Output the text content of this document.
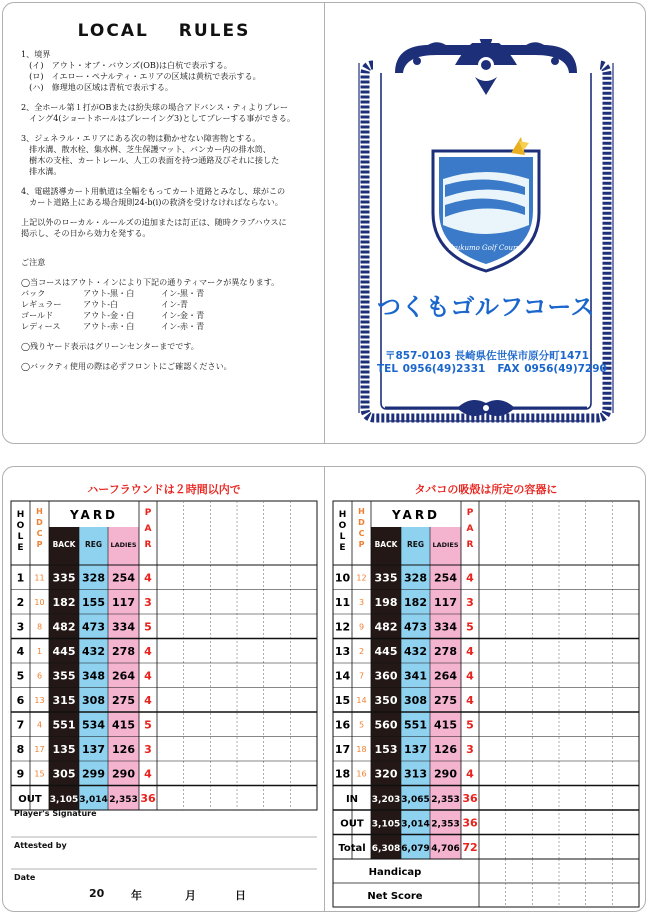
LOCAL RULES
1、境界
　(イ)　アウト・オブ・バウンズ(OB)は白杭で表示する。
　(ロ)　イエロー・ペナルティ・エリアの区域は黄杭で表示する。
　(ハ)　修理地の区域は青杭で表示する。
2、全ホール第１打がOBまたは紛失球の場合アドバンス・ティよりプレー
　イング4(ショートホールはプレーイング3)としてプレーする事ができる。
3、ジェネラル・エリアにある次の物は動かせない障害物とする。
　排水溝、散水栓、集水桝、芝生保護マット、バンカー内の排水筒、
　樹木の支柱、カートレール、人工の表面を持つ通路及びそれに接した
　排水溝。
4、電磁誘導カート用軌道は全幅をもってカート道路とみなし、球がこの
　カート道路上にある場合規則24-b(i)の救済を受けなければならない。
上記以外のローカル・ルールズの追加または訂正は、随時クラブハウスに
掲示し、その日から効力を発する。
ご注意
◯当コースはアウト・インにより下記の通りティマークが異なります。
バック	アウト-黒・白	イン-黒・青
レギュラー	アウト-白	イン-青
ゴールド	アウト-金・白	イン-金・青
レディース	アウト-赤・白	イン-赤・青
◯残りヤード表示はグリーンセンターまでです。
◯バックティ使用の際は必ずフロントにご確認ください。
Tsukumo Golf Course
つくもゴルフコース
〒857-0103 長崎県佐世保市原分町1471
TEL 0956(49)2331 FAX 0956(49)7290
ハーフラウンドは２時間以内で
H
O
L
E
H
D
C
P
P
A
R
YARD
BACK REG LADIES
1 11 335 328 254 4
2 10 182 155 117 3
3 8 482 473 334 5
4 1 445 432 278 4
5 6 355 348 264 4
6 13 315 308 275 4
7 4 551 534 415 5
8 17 135 137 126 3
9 15 305 299 290 4
OUT 3,105 3,014 2,353 36
Player's Signature
Attested by
Date
20 年	月	日
タバコの吸殻は所定の容器に
H
O
L
E
H
D
C
P
P
A
R
YARD
BACK REG LADIES
10 12 335 328 254 4
11 3 198 182 117 3
12 9 482 473 334 5
13 2 445 432 278 4
14 7 360 341 264 4
15 14 350 308 275 4
16 5 560 551 415 5
17 18 153 137 126 3
18 16 320 313 290 4
IN 3,203 3,065 2,353 36
OUT 3,105 3,014 2,353 36
Total 6,308 6,079 4,706 72
Handicap
Net Score
